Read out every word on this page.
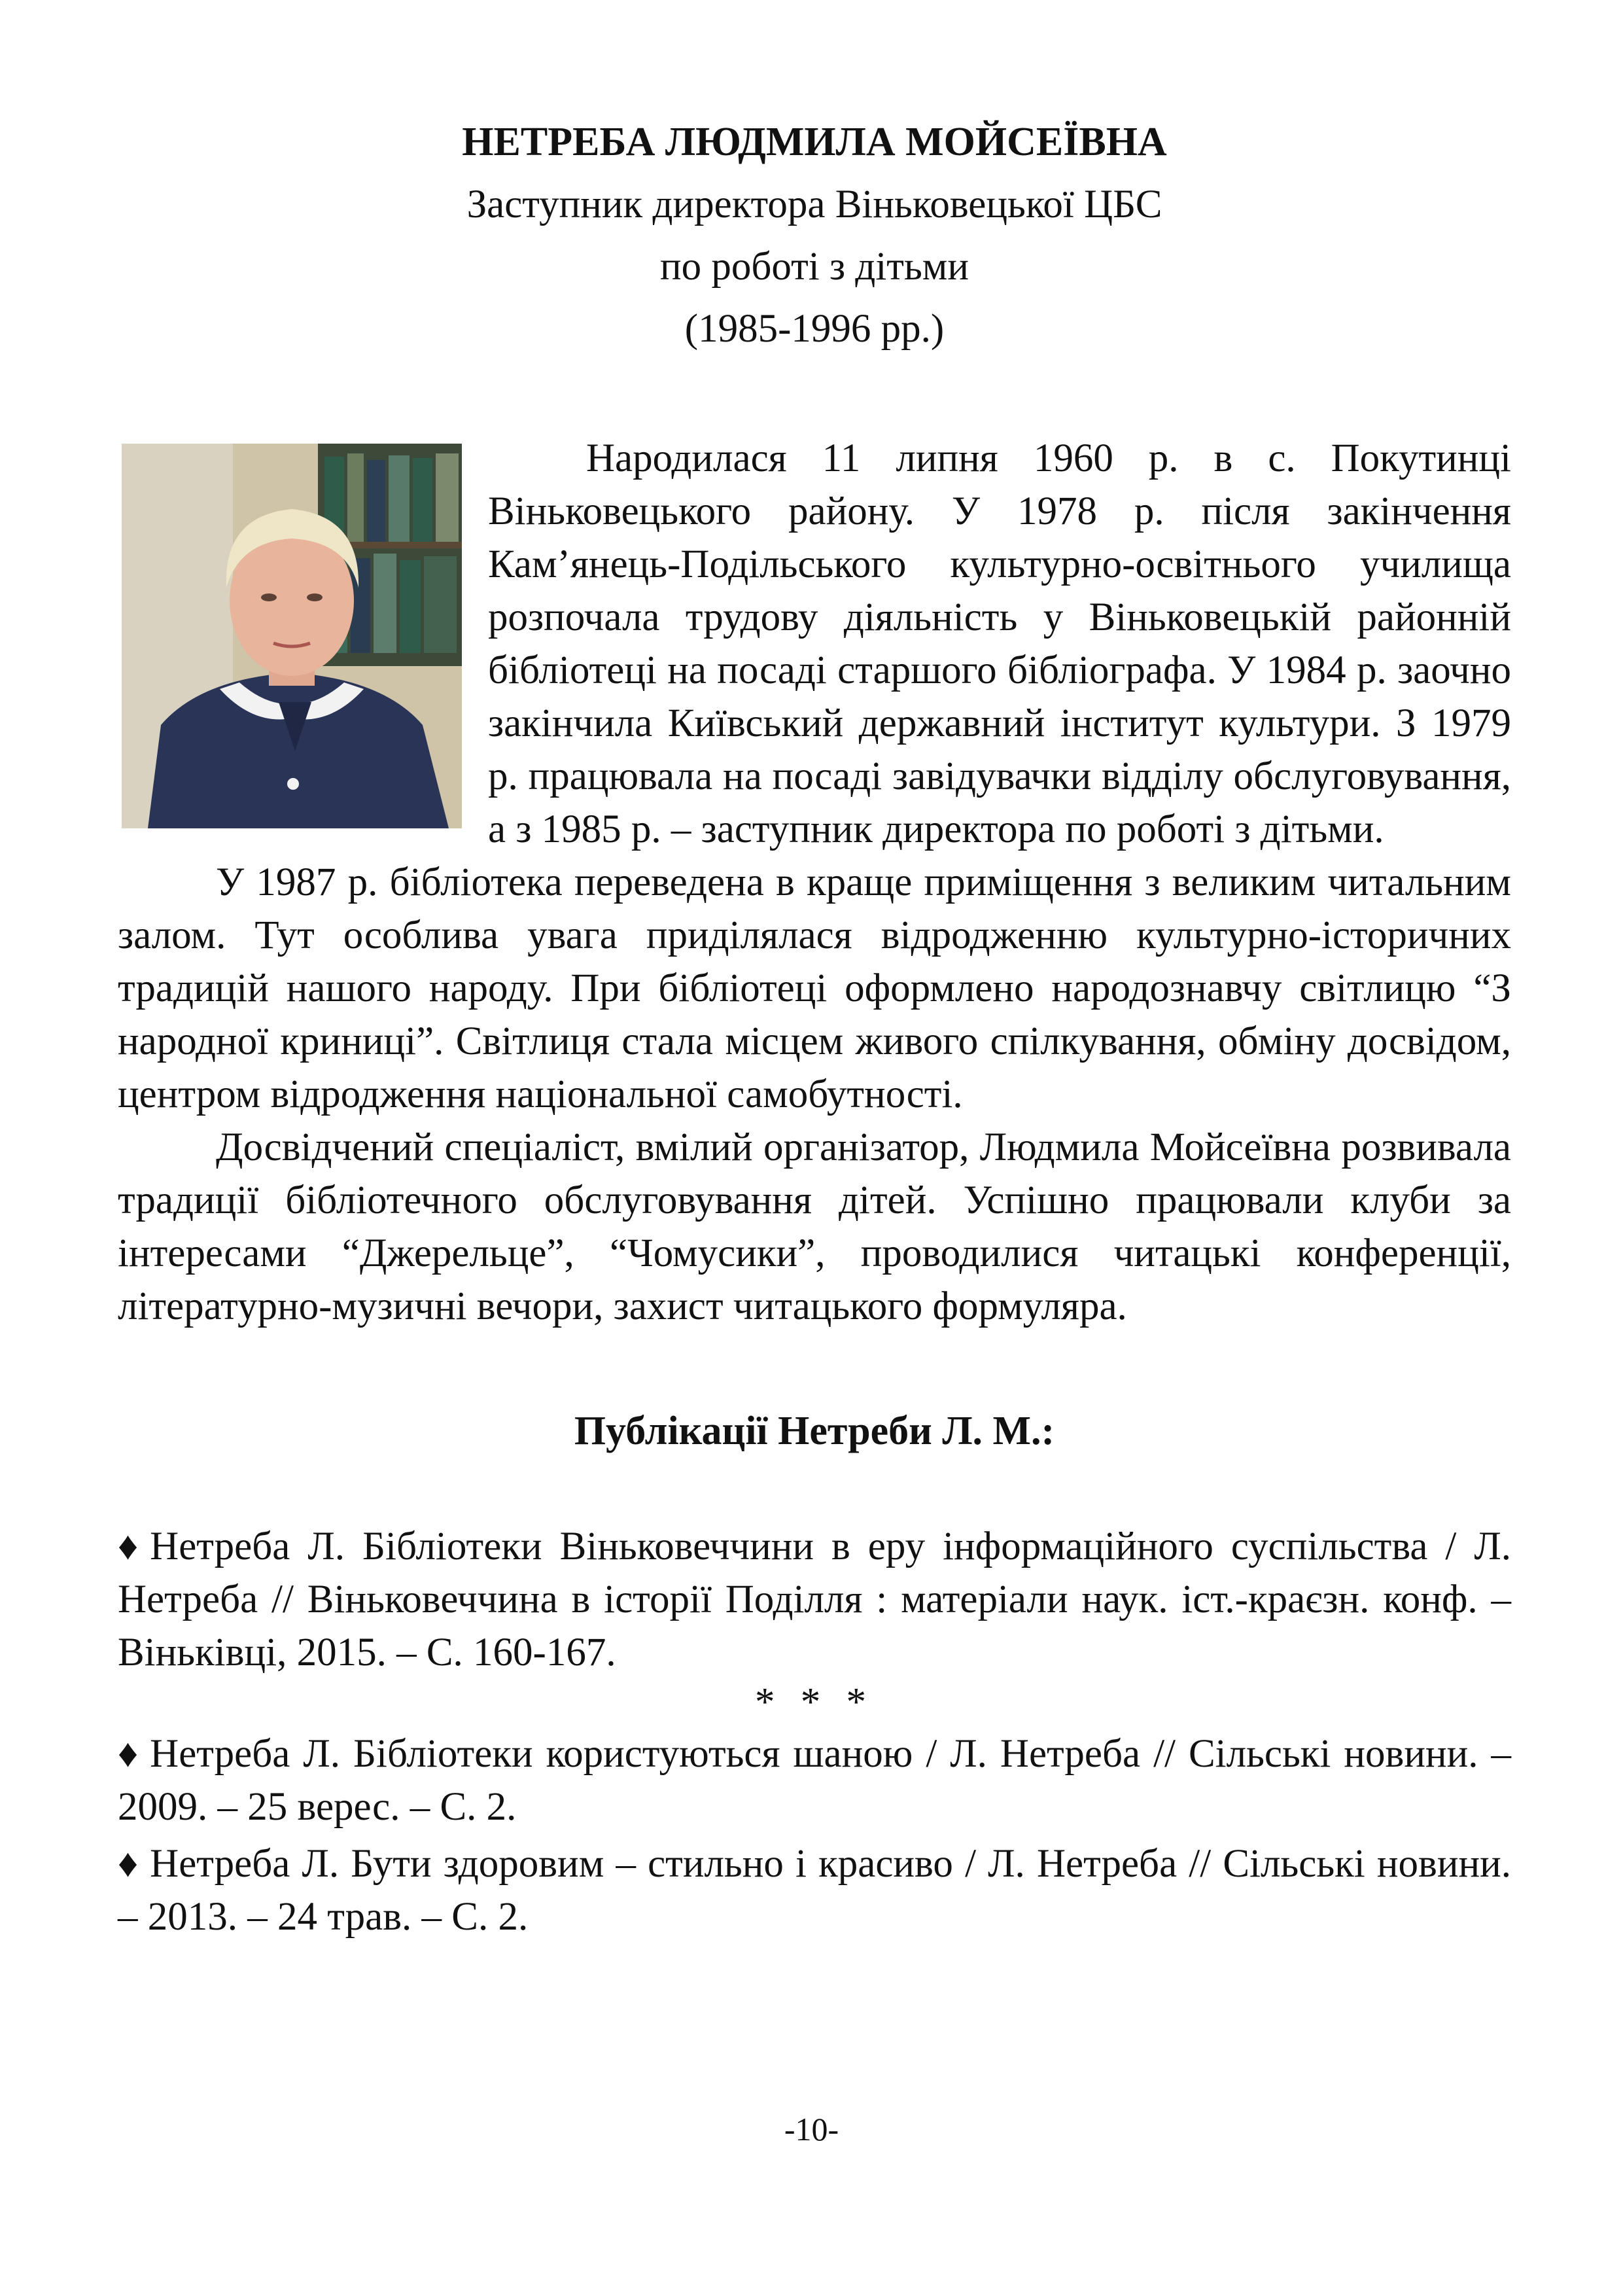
НЕТРЕБА ЛЮДМИЛА МОЙСЕЇВНА
Заступник директора Віньковецької ЦБС
по роботі з дітьми
(1985-1996 рр.)

Народилася 11 липня 1960 р. в с. Покутинці Віньковецького району. У 1978 р. після закінчення Кам’янець-Подільського культурно-освітнього училища розпочала трудову діяльність у Віньковецькій районній бібліотеці на посаді старшого бібліографа. У 1984 р. заочно закінчила Київський державний інститут культури. З 1979 р. працювала на посаді завідувачки відділу обслуговування, а з 1985 р. – заступник директора по роботі з дітьми.

У 1987 р. бібліотека переведена в краще приміщення з великим читальним залом. Тут особлива увага приділялася відродженню культурно-історичних традицій нашого народу. При бібліотеці оформлено народознавчу світлицю “З народної криниці”. Світлиця стала місцем живого спілкування, обміну досвідом, центром відродження національної самобутності.

Досвідчений спеціаліст, вмілий організатор, Людмила Мойсеївна розвивала традиції бібліотечного обслуговування дітей. Успішно працювали клуби за інтересами “Джерельце”, “Чомусики”, проводилися читацькі конференції, літературно-музичні вечори, захист читацького формуляра.

Публікації Нетреби Л. М.:

♦ Нетреба Л. Бібліотеки Віньковеччини в еру інформаційного суспільства / Л. Нетреба // Віньковеччина в історії Поділля : матеріали наук. іст.-краєзн. конф. – Віньківці, 2015. – С. 160-167.

* * *

♦ Нетреба Л. Бібліотеки користуються шаною / Л. Нетреба // Сільські новини. – 2009. – 25 верес. – С. 2.

♦ Нетреба Л. Бути здоровим – стильно і красиво / Л. Нетреба // Сільські новини. – 2013. – 24 трав. – С. 2.

-10-
